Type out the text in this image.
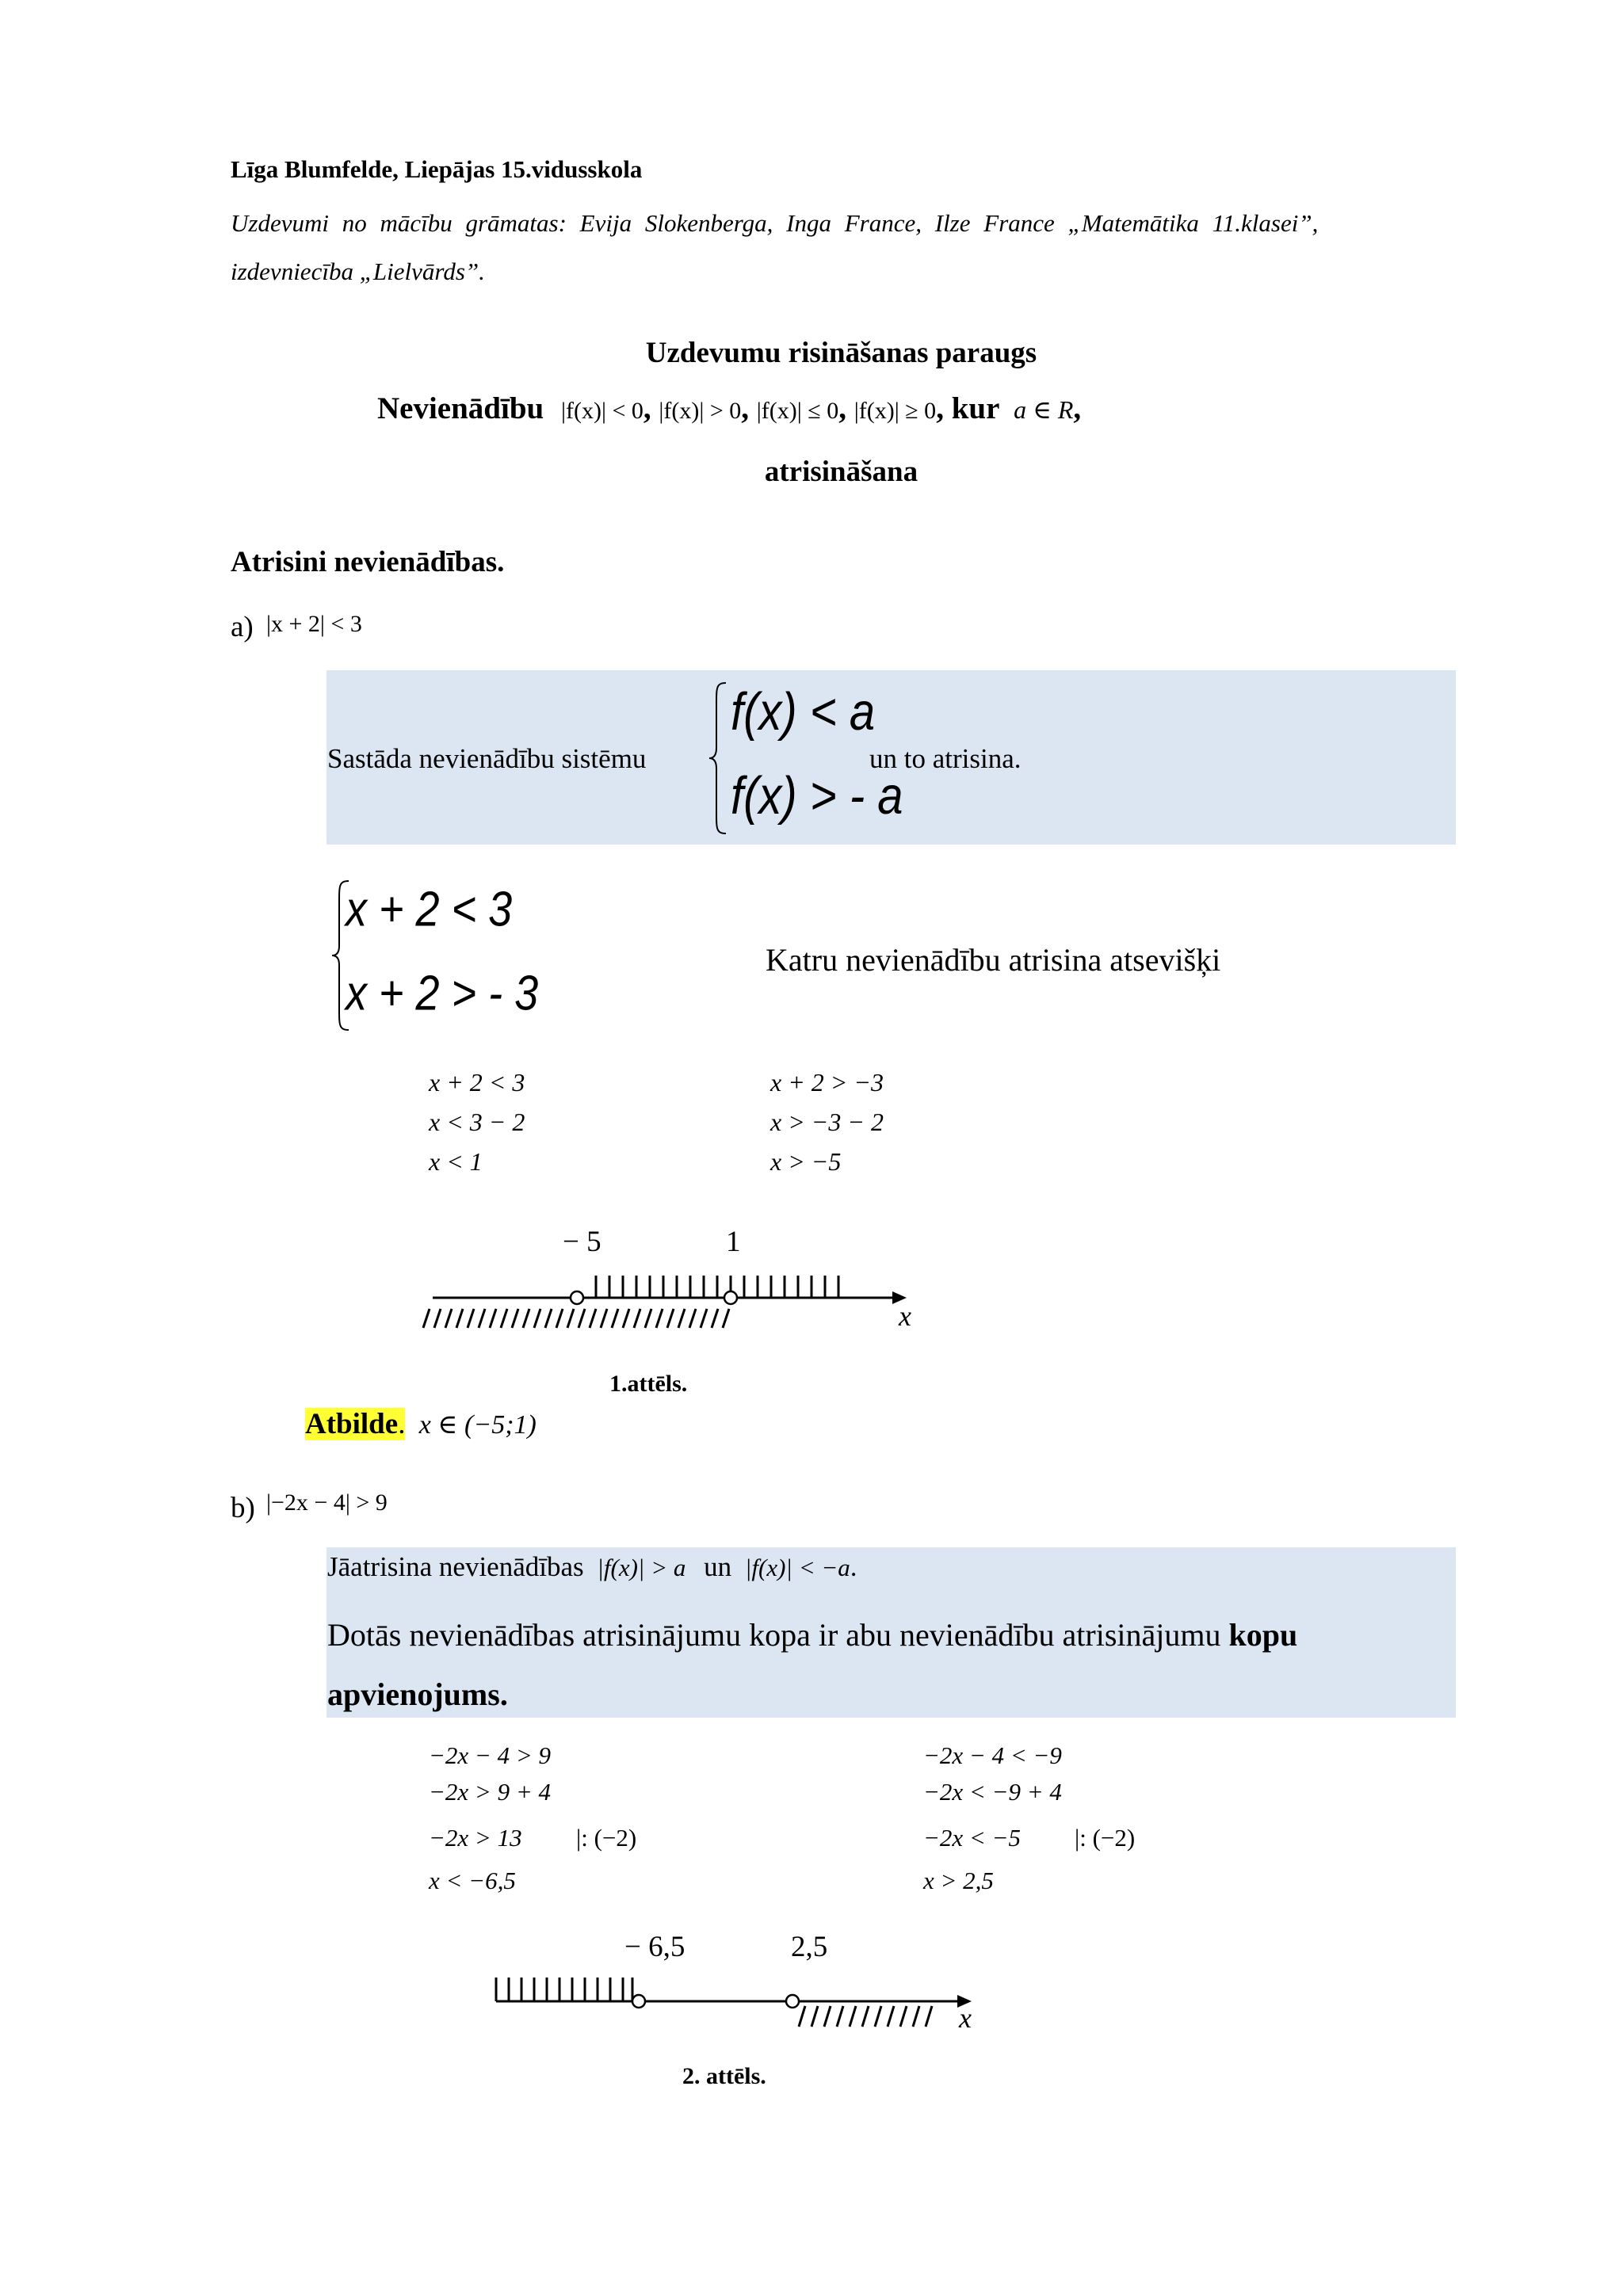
Līga Blumfelde, Liepājas 15.vidusskola
Uzdevumi no mācību grāmatas: Evija Slokenberga, Inga France, Ilze France „Matemātika 11.klasei”,
izdevniecība „Lielvārds”.
Uzdevumu risināšanas paraugs
Nevienādību |f(x)| < 0, |f(x)| > 0, |f(x)| ≤ 0, |f(x)| ≥ 0, kur a ∈ R,
atrisināšana
Atrisini nevienādības.
a) |x + 2| < 3
Sastāda nevienādību sistēmu
f(x) < a
f(x) > - a
un to atrisina.
x + 2 < 3
x + 2 > - 3
Katru nevienādību atrisina atsevišķi
x + 2 < 3
x < 3 − 2
x < 1
x + 2 > −3
x > −3 − 2
x > −5
− 5	1
x
1.attēls.
Atbilde. x ∈ (−5;1)
b) |−2x − 4| > 9
Jāatrisina nevienādības |f(x)| > a un |f(x)| < −a.
Dotās nevienādības atrisinājumu kopa ir abu nevienādību atrisinājumu kopu
apvienojums.
−2x − 4 > 9
−2x > 9 + 4
−2x > 13 |: (−2)
x < −6,5
−2x − 4 < −9
−2x < −9 + 4
−2x < −5 |: (−2)
x > 2,5
− 6,5	2,5
x
2. attēls.
